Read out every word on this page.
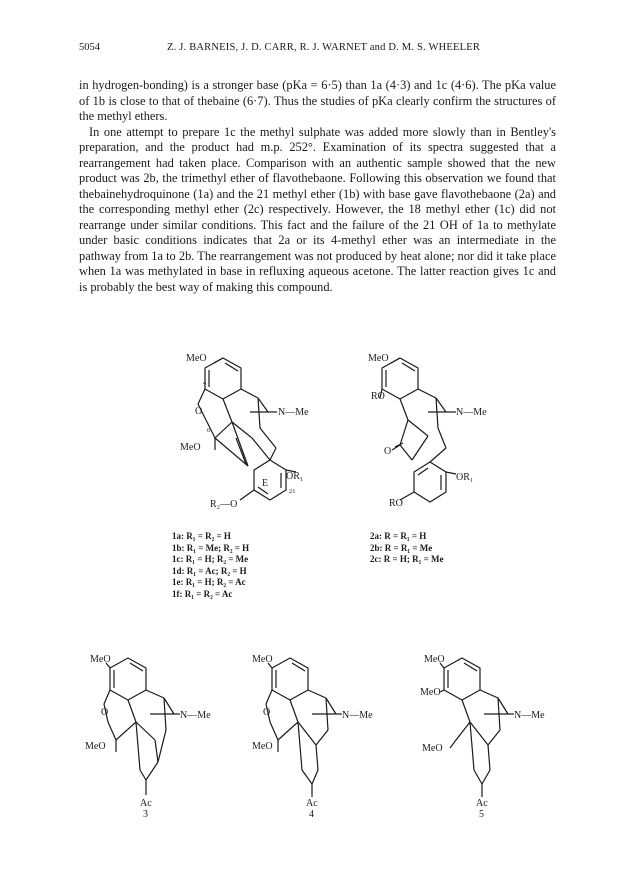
5054	Z. J. BARNEIS, J. D. CARR, R. J. WARNET and D. M. S. WHEELER

in hydrogen-bonding) is a stronger base (pKa = 6·5) than 1a (4·3) and 1c (4·6). The pKa value of 1b is close to that of thebaine (6·7). Thus the studies of pKa clearly confirm the structures of the methyl ethers.

In one attempt to prepare 1c the methyl sulphate was added more slowly than in Bentley's preparation, and the product had m.p. 252°. Examination of its spectra suggested that a rearrangement had taken place. Comparison with an authentic sample showed that the new product was 2b, the trimethyl ether of flavothebaone. Following this observation we found that thebainehydroquinone (1a) and the 21 methyl ether (1b) with base gave flavothebaone (2a) and the corresponding methyl ether (2c) respectively. However, the 18 methyl ether (1c) did not rearrange under similar conditions. This fact and the failure of the 21 OH of 1a to methylate under basic conditions indicates that 2a or its 4-methyl ether was an intermediate in the pathway from 1a to 2b. The rearrangement was not produced by heat alone; nor did it take place when 1a was methylated in base in refluxing aqueous acetone. The latter reaction gives 1c and is probably the best way of making this compound.

MeO
4
O
6
MeO
N—Me
OR₁
E
21
R₂—O
MeO
RO
N—Me
O
OR₁
RO
MeO
O	N—Me
MeO
Ac
3
MeO
O	N—Me
MeO
Ac
4
MeO
MeO
N—Me
MeO
Ac
5
1a: R₁ = R₂ = H
1b: R₁ = Me; R₂ = H
1c: R₁ = H; R₂ = Me
1d: R₁ = Ac; R₂ = H
1e: R₁ = H; R₂ = Ac
1f: R₁ = R₂ = Ac
2a: R = R₁ = H
2b: R = R₁ = Me
2c: R = H; R₁ = Me
